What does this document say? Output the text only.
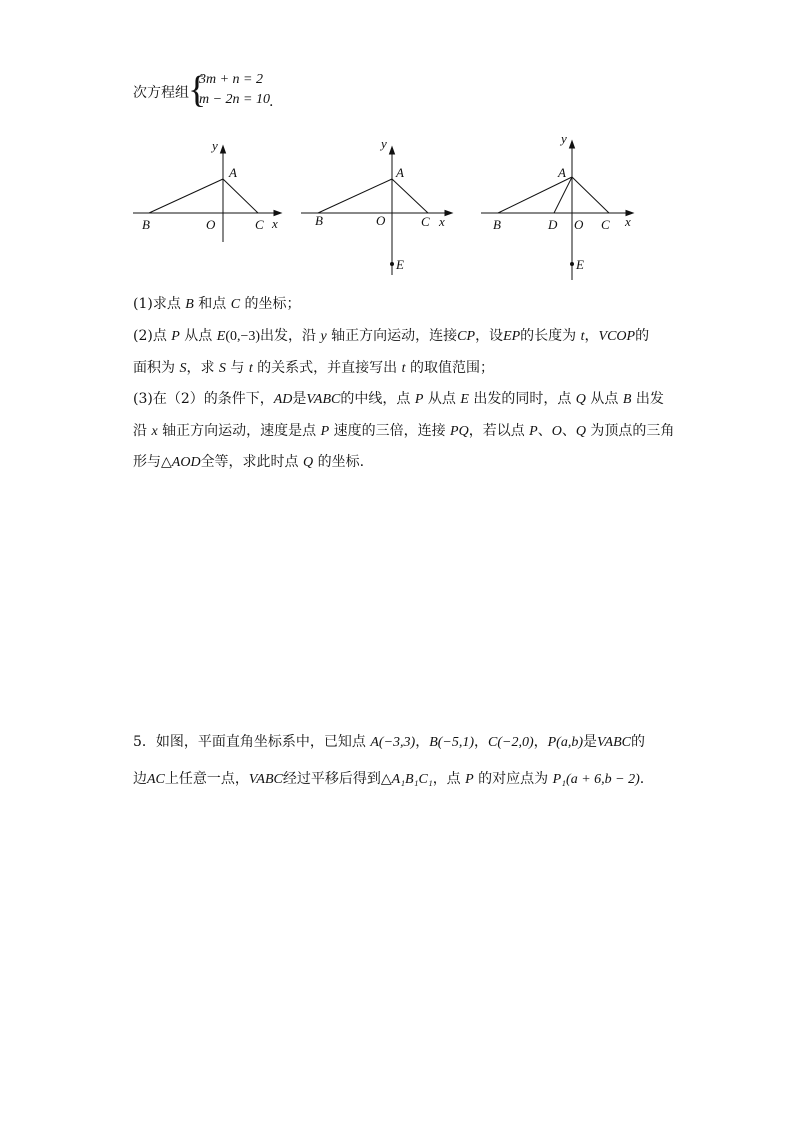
次方程组 {
3m + n = 2
m − 2n = 10
.
y
A
B	O	C x
y
A
B	O	C x
E
y
A
B	D O C x
E
(1)求点 B 和点 C 的坐标；
(2)点 P 从点 E(0,−3)出发，沿 y 轴正方向运动，连接CP，设EP的长度为 t，VCOP的
面积为 S，求 S 与 t 的关系式，并直接写出 t 的取值范围；
(3)在（2）的条件下，AD是VABC的中线，点 P 从点 E 出发的同时，点 Q 从点 B 出发
沿 x 轴正方向运动，速度是点 P 速度的三倍，连接 PQ，若以点 P、O、Q 为顶点的三角
形与△AOD全等，求此时点 Q 的坐标.
5．如图，平面直角坐标系中，已知点 A(−3,3)，B(−5,1)，C(−2,0)，P(a,b)是VABC的
边AC上任意一点，VABC经过平移后得到△A₁B₁C₁，点 P 的对应点为 P₁(a + 6,b − 2).
